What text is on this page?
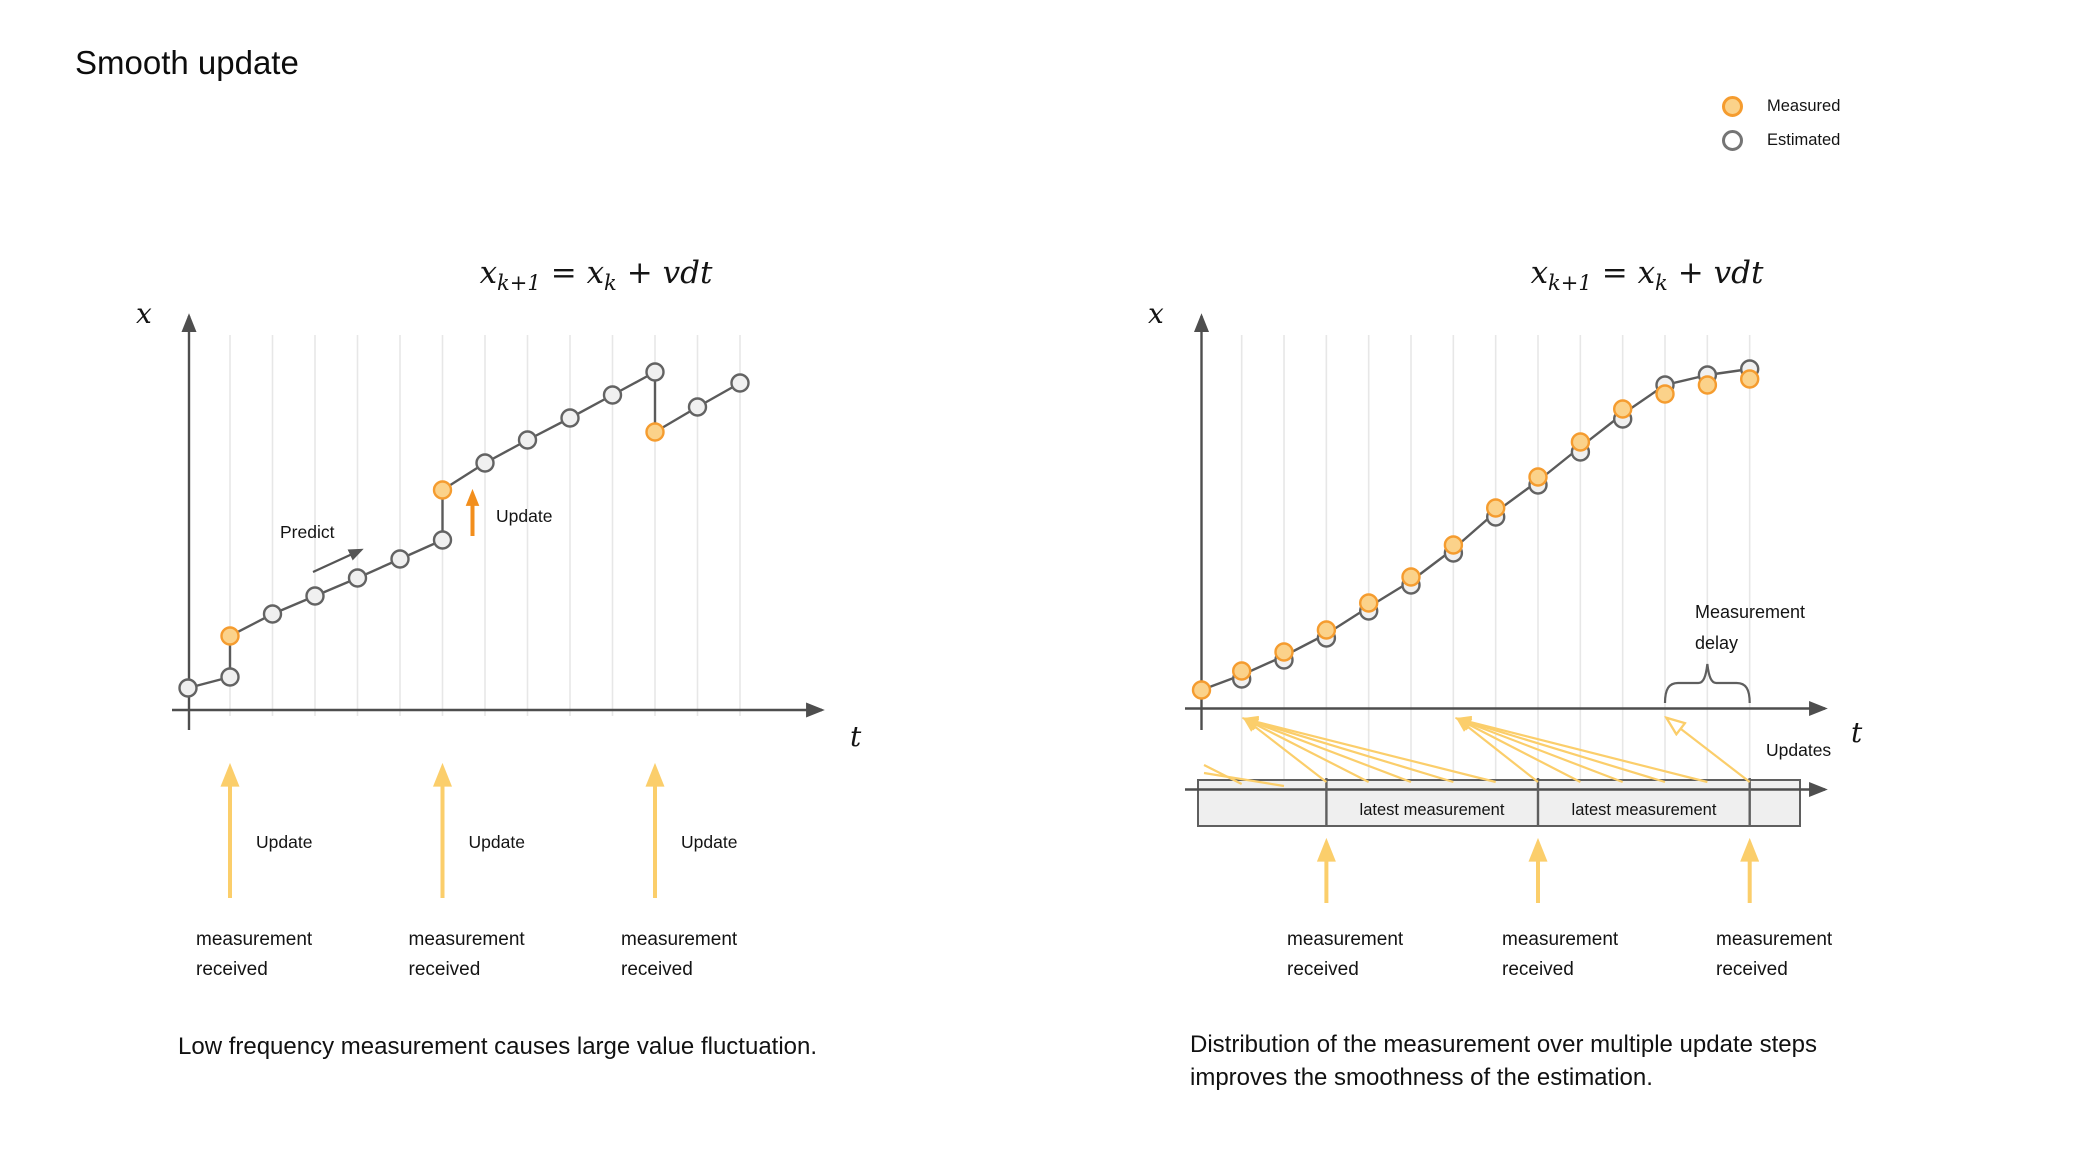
Smooth update
Measured
Estimated
measurement
received
measurement
received
measurement
received
$x_{k+1} = x_k$ + vdt
x
t
Predict
Update
Update	Update	Update
measurement
received
measurement
received
measurement
received
$x_{k+1} = x_k$ + vdt
x
t
Measurement
delay
Updates
latest measurement	latest measurement
Low frequency measurement causes large value fluctuation.	Distribution of the measurement over multiple update steps
improves the smoothness of the estimation.
